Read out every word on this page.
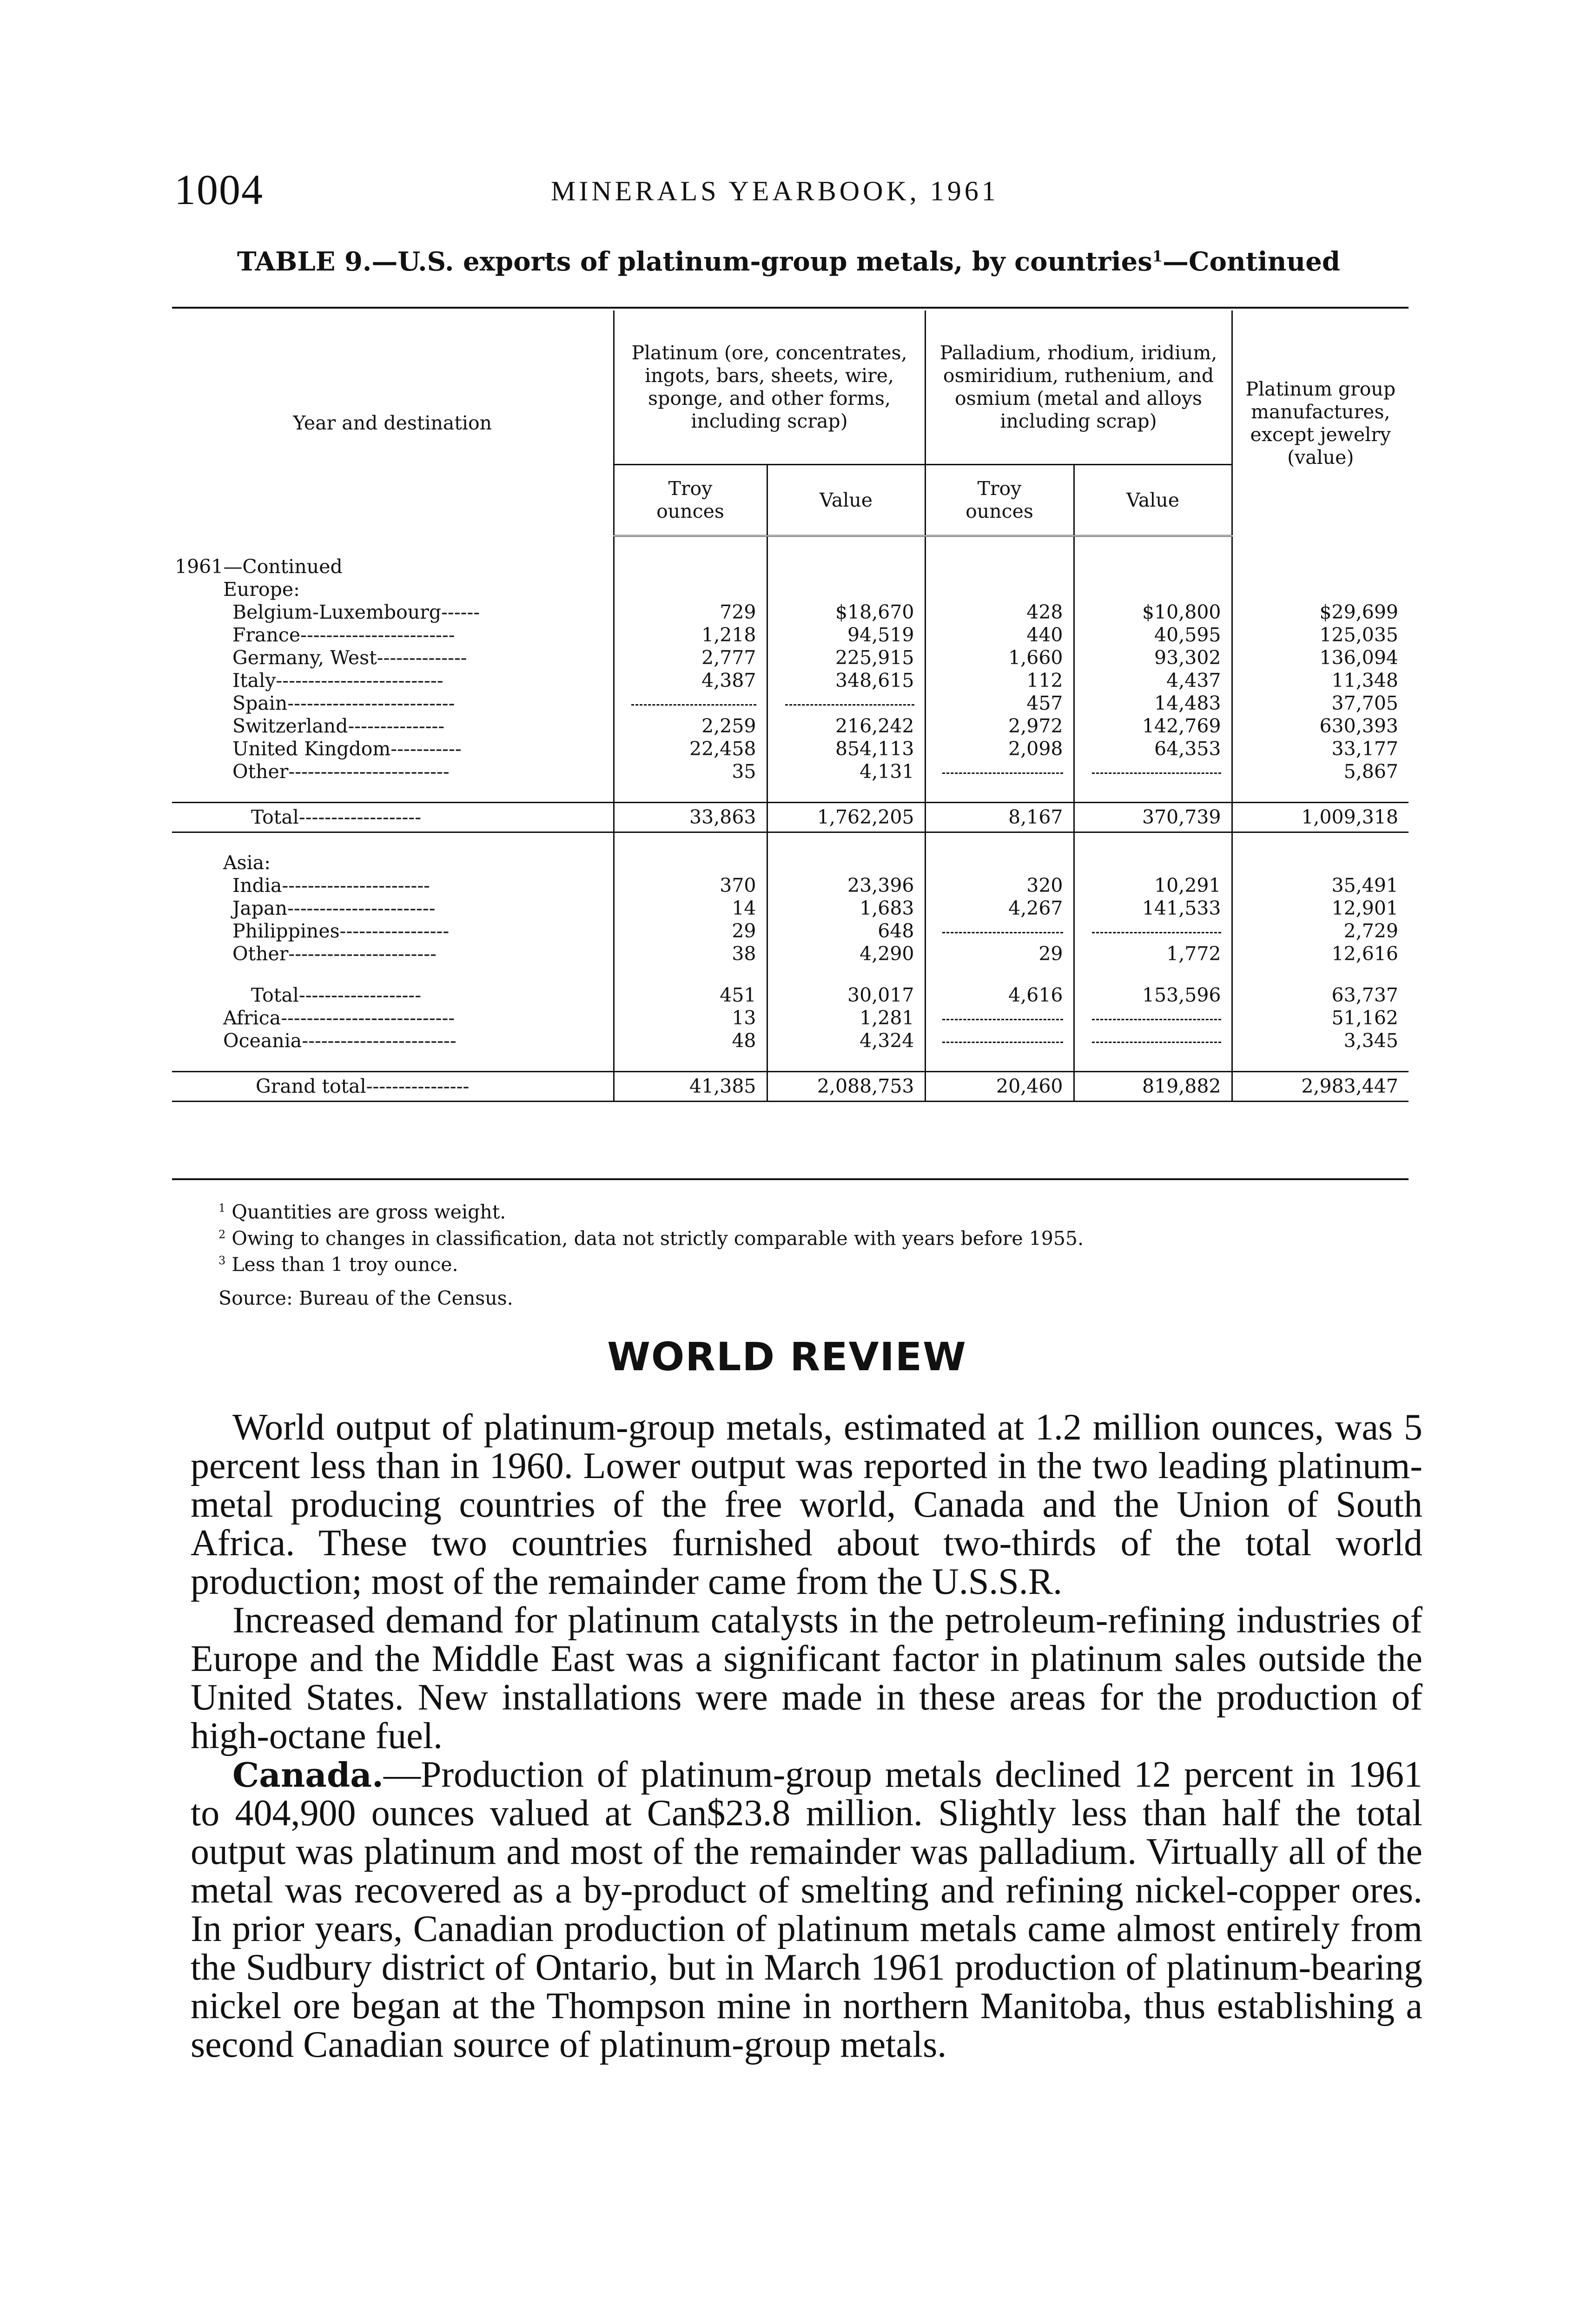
1004	MINERALS YEARBOOK, 1961
TABLE 9.—U.S. exports of platinum-group metals, by countries$^1$—Continued
Year and destination	Platinum (ore, concentrates, ingots, bars, sheets, wire, sponge, and other forms, including scrap)		Palladium, rhodium, iridium, osmiridium, ruthenium, and osmium (metal and alloys including scrap)		Platinum group manufactures, except jewelry (value)
	Troy ounces	Value	Troy ounces	Value	

1961—Continued					
Europe:					
Belgium-Luxembourg------	729	$18,670	428	$10,800	$29,699
France------------------------	1,218	94,519	440	40,595	125,035
Germany, West--------------	2,777	225,915	1,660	93,302	136,094
Italy--------------------------	4,387	348,615	112	4,437	11,348
Spain--------------------------			457	14,483	37,705
Switzerland---------------	2,259	216,242	2,972	142,769	630,393
United Kingdom-----------	22,458	854,113	2,098	64,353	33,177
Other-------------------------	35	4,131			5,867

Total-------------------	33,863	1,762,205	8,167	370,739	1,009,318

Asia:					
India-----------------------	370	23,396	320	10,291	35,491
Japan-----------------------	14	1,683	4,267	141,533	12,901
Philippines-----------------	29	648			2,729
Other-----------------------	38	4,290	29	1,772	12,616

Total-------------------	451	30,017	4,616	153,596	63,737
Africa---------------------------	13	1,281			51,162
Oceania------------------------	48	4,324			3,345

Grand total----------------	41,385	2,088,753	20,460	819,882	2,983,447
$^1$ Quantities are gross weight.
$^2$ Owing to changes in classification, data not strictly comparable with years before 1955.
$^3$ Less than 1 troy ounce.
Source: Bureau of the Census.
WORLD REVIEW

World output of platinum-group metals, estimated at 1.2 million ounces, was 5 percent less than in 1960. Lower output was reported in the two leading platinum-metal producing countries of the free world, Canada and the Union of South Africa. These two countries furnished about two-thirds of the total world production; most of the remainder came from the U.S.S.R.

Increased demand for platinum catalysts in the petroleum-refining industries of Europe and the Middle East was a significant factor in platinum sales outside the United States. New installations were made in these areas for the production of high-octane fuel.

Canada.—Production of platinum-group metals declined 12 percent in 1961 to 404,900 ounces valued at Can$23.8 million. Slightly less than half the total output was platinum and most of the remainder was palladium. Virtually all of the metal was recovered as a by-product of smelting and refining nickel-copper ores. In prior years, Canadian production of platinum metals came almost entirely from the Sudbury district of Ontario, but in March 1961 production of platinum-bearing nickel ore began at the Thompson mine in northern Manitoba, thus establishing a second Canadian source of platinum-group metals.
